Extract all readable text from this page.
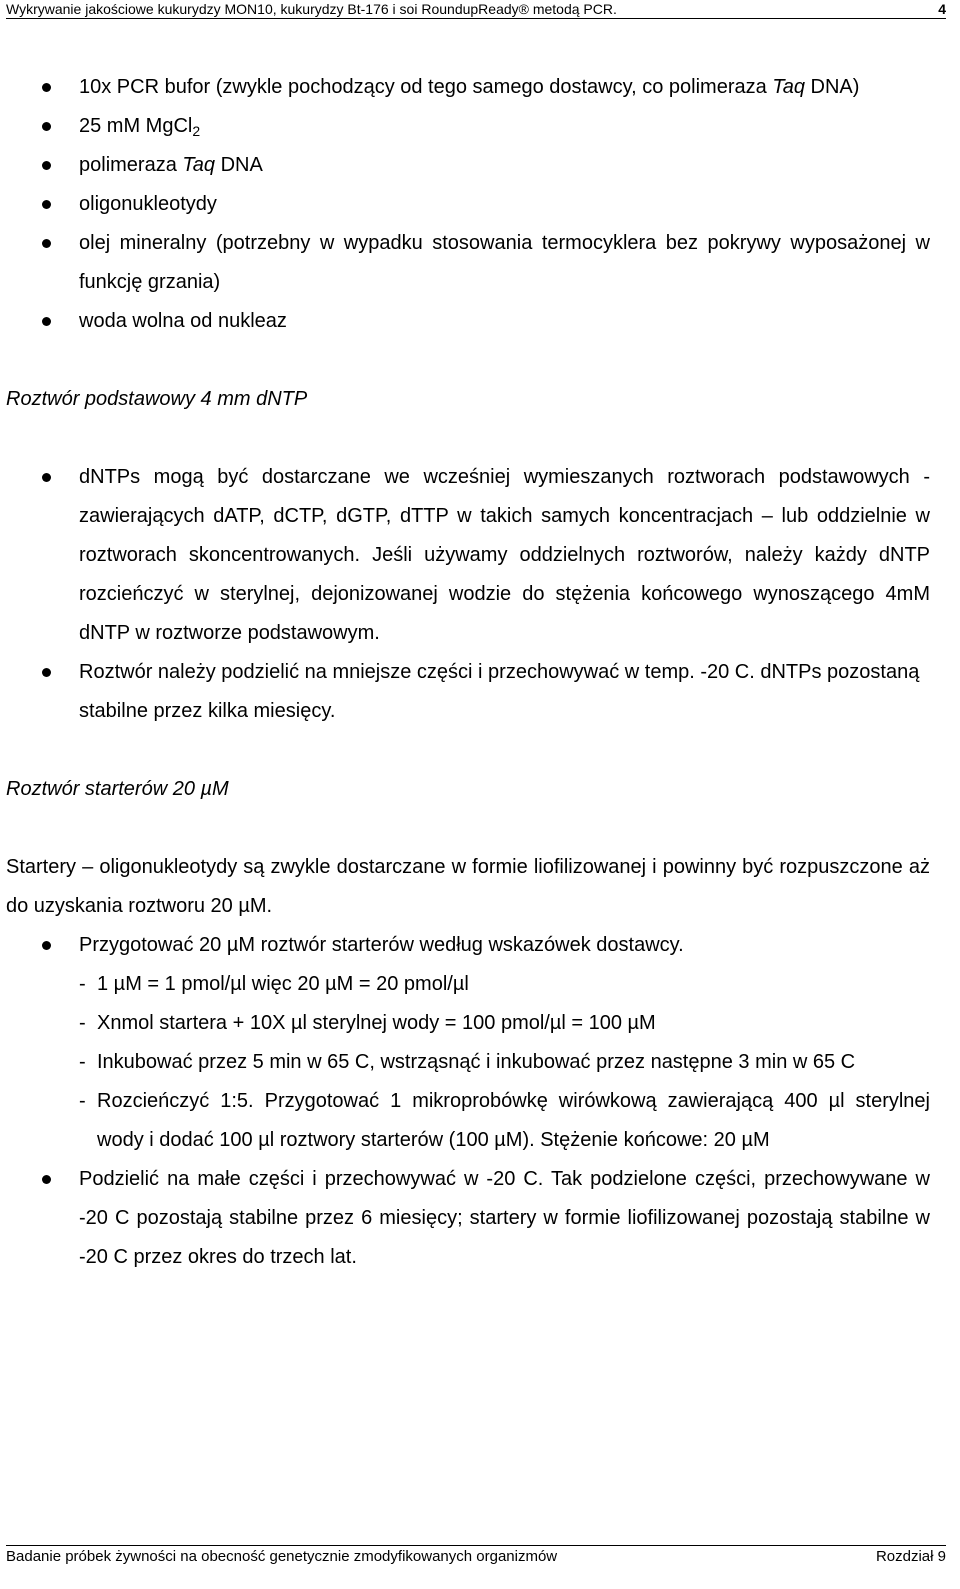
Wykrywanie jakościowe kukurydzy MON10, kukurydzy Bt-176 i soi RoundupReady® metodą PCR.	4
10x PCR bufor (zwykle pochodzący od tego samego dostawcy, co polimeraza Taq DNA)
25 mM MgCl$_2$
polimeraza Taq DNA
oligonukleotydy
olej mineralny (potrzebny w wypadku stosowania termocyklera bez pokrywy wyposażonej w funkcję grzania)
woda wolna od nukleaz

Roztwór podstawowy 4 mm dNTP

dNTPs mogą być dostarczane we wcześniej wymieszanych roztworach podstawowych - zawierających dATP, dCTP, dGTP, dTTP w takich samych koncentracjach – lub oddzielnie w roztworach skoncentrowanych. Jeśli używamy oddzielnych roztworów, należy każdy dNTP rozcieńczyć w sterylnej, dejonizowanej wodzie do stężenia końcowego wynoszącego 4mM dNTP w roztworze podstawowym.
Roztwór należy podzielić na mniejsze części i przechowywać w temp. -20 C. dNTPs pozostaną stabilne przez kilka miesięcy.

Roztwór starterów 20 µM

Startery – oligonukleotydy są zwykle dostarczane w formie liofilizowanej i powinny być rozpuszczone aż do uzyskania roztworu 20 µM.

Przygotować 20 µM roztwór starterów według wskazówek dostawcy.
- 1 µM = 1 pmol/µl więc 20 µM = 20 pmol/µl
- Xnmol startera + 10X µl sterylnej wody = 100 pmol/µl = 100 µM
- Inkubować przez 5 min w 65 C, wstrząsnąć i inkubować przez następne 3 min w 65 C
- Rozcieńczyć 1:5. Przygotować 1 mikroprobówkę wirówkową zawierającą 400 µl sterylnej wody i dodać 100 µl roztwory starterów (100 µM). Stężenie końcowe: 20 µM
Podzielić na małe części i przechowywać w -20 C. Tak podzielone części, przechowywane w -20 C pozostają stabilne przez 6 miesięcy; startery w formie liofilizowanej pozostają stabilne w -20 C przez okres do trzech lat.
Badanie próbek żywności na obecność genetycznie zmodyfikowanych organizmów	Rozdział 9
